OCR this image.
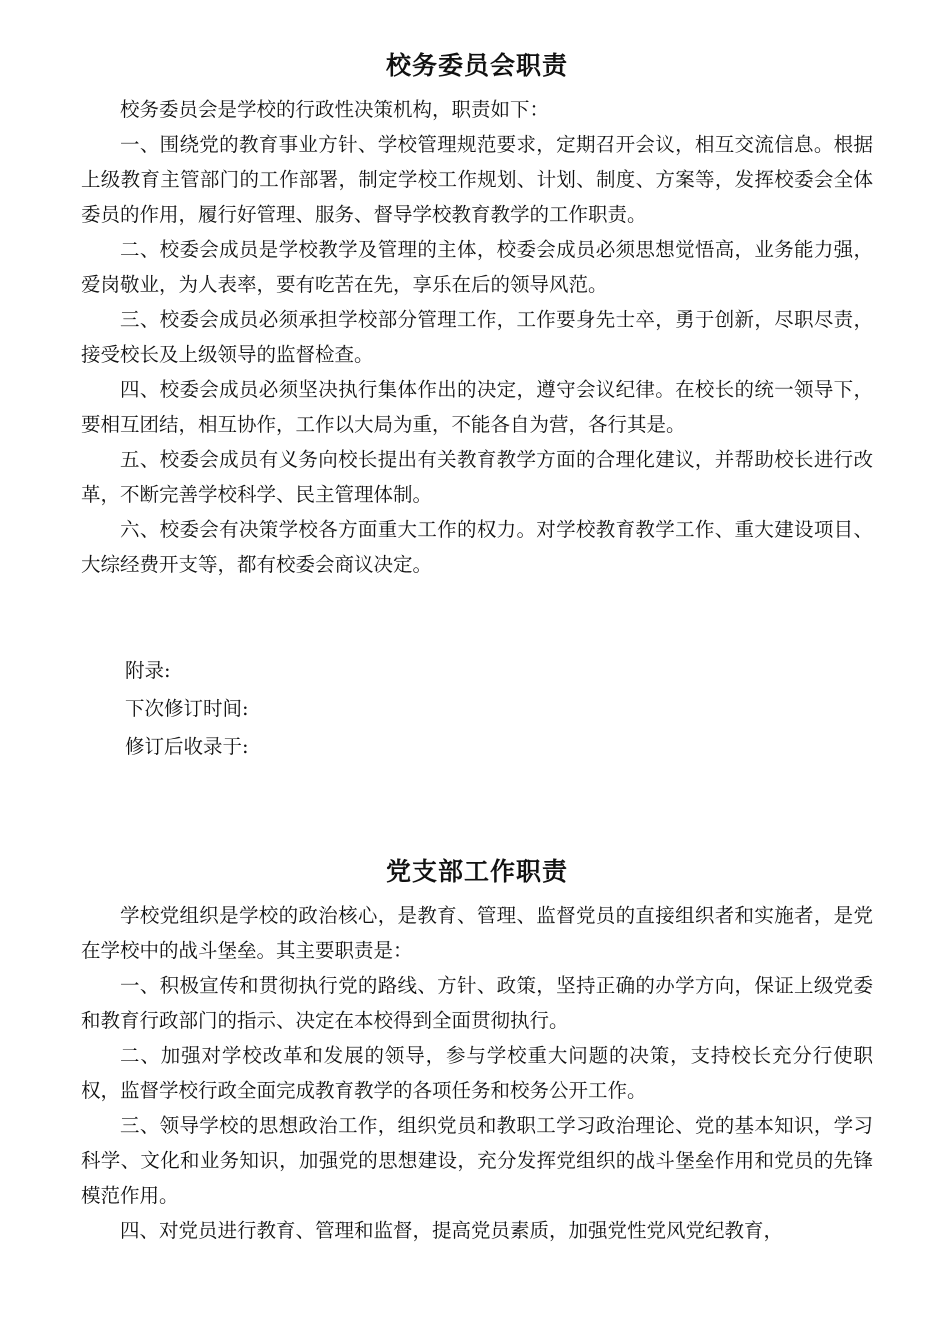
校务委员会职责

校务委员会是学校的行政性决策机构，职责如下：

一、围绕党的教育事业方针、学校管理规范要求，定期召开会议，相互交流信息。根据上级教育主管部门的工作部署，制定学校工作规划、计划、制度、方案等，发挥校委会全体委员的作用，履行好管理、服务、督导学校教育教学的工作职责。

二、校委会成员是学校教学及管理的主体，校委会成员必须思想觉悟高，业务能力强，爱岗敬业，为人表率，要有吃苦在先，享乐在后的领导风范。

三、校委会成员必须承担学校部分管理工作，工作要身先士卒，勇于创新，尽职尽责，接受校长及上级领导的监督检查。

四、校委会成员必须坚决执行集体作出的决定，遵守会议纪律。在校长的统一领导下，要相互团结，相互协作，工作以大局为重，不能各自为营，各行其是。

五、校委会成员有义务向校长提出有关教育教学方面的合理化建议，并帮助校长进行改革，不断完善学校科学、民主管理体制。

六、校委会有决策学校各方面重大工作的权力。对学校教育教学工作、重大建设项目、大综经费开支等，都有校委会商议决定。

附录:

下次修订时间:

修订后收录于:

党支部工作职责

学校党组织是学校的政治核心，是教育、管理、监督党员的直接组织者和实施者，是党在学校中的战斗堡垒。其主要职责是：

一、积极宣传和贯彻执行党的路线、方针、政策，坚持正确的办学方向，保证上级党委和教育行政部门的指示、决定在本校得到全面贯彻执行。

二、加强对学校改革和发展的领导，参与学校重大问题的决策，支持校长充分行使职权，监督学校行政全面完成教育教学的各项任务和校务公开工作。

三、领导学校的思想政治工作，组织党员和教职工学习政治理论、党的基本知识，学习科学、文化和业务知识，加强党的思想建设，充分发挥党组织的战斗堡垒作用和党员的先锋模范作用。

四、对党员进行教育、管理和监督，提高党员素质，加强党性党风党纪教育，
